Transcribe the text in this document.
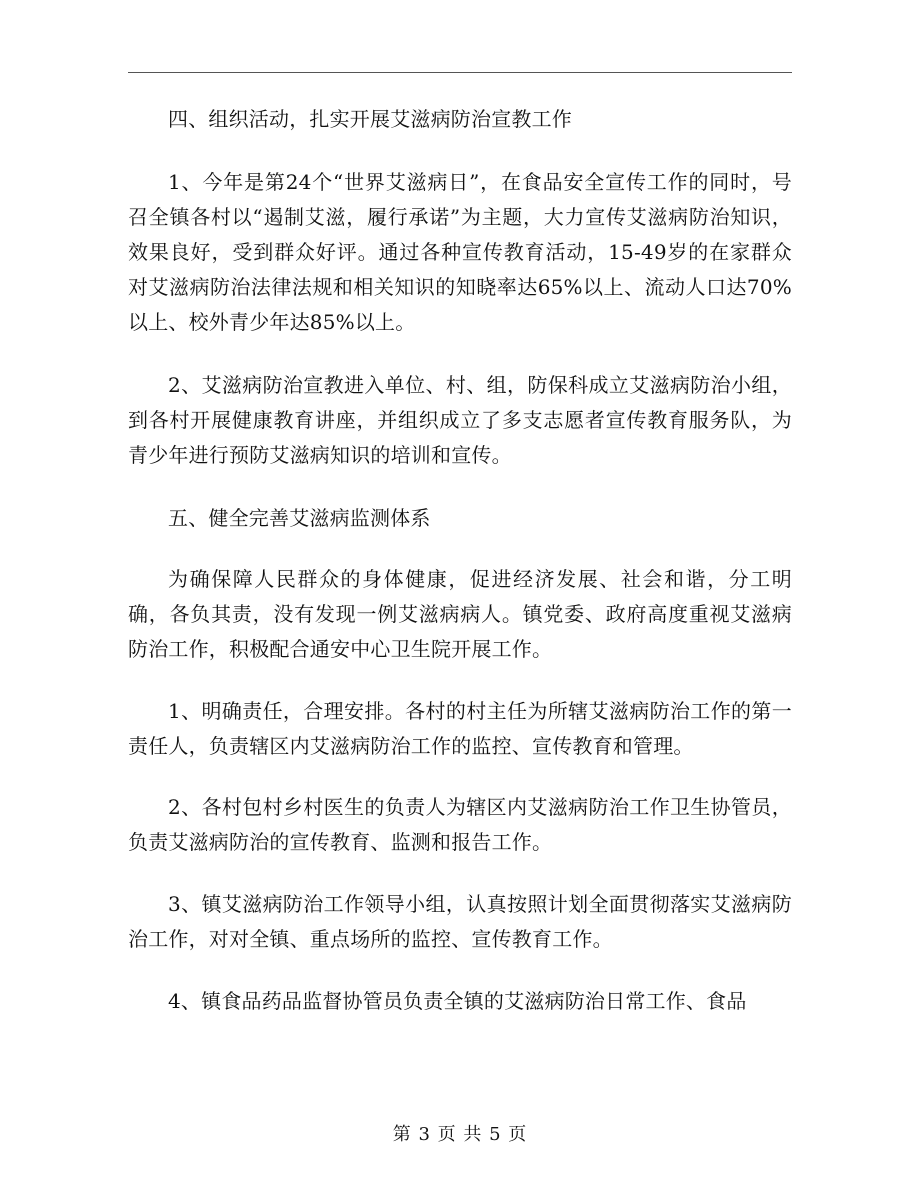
四、组织活动，扎实开展艾滋病防治宣教工作

1、今年是第24个“世界艾滋病日”，在食品安全宣传工作的同时，号召全镇各村以“遏制艾滋，履行承诺”为主题，大力宣传艾滋病防治知识，效果良好，受到群众好评。通过各种宣传教育活动，15-49岁的在家群众对艾滋病防治法律法规和相关知识的知晓率达65%以上、流动人口达70%以上、校外青少年达85%以上。

2、艾滋病防治宣教进入单位、村、组，防保科成立艾滋病防治小组，到各村开展健康教育讲座，并组织成立了多支志愿者宣传教育服务队，为青少年进行预防艾滋病知识的培训和宣传。

五、健全完善艾滋病监测体系

为确保障人民群众的身体健康，促进经济发展、社会和谐，分工明确，各负其责，没有发现一例艾滋病病人。镇党委、政府高度重视艾滋病防治工作，积极配合通安中心卫生院开展工作。

1、明确责任，合理安排。各村的村主任为所辖艾滋病防治工作的第一责任人，负责辖区内艾滋病防治工作的监控、宣传教育和管理。

2、各村包村乡村医生的负责人为辖区内艾滋病防治工作卫生协管员，负责艾滋病防治的宣传教育、监测和报告工作。

3、镇艾滋病防治工作领导小组，认真按照计划全面贯彻落实艾滋病防治工作，对对全镇、重点场所的监控、宣传教育工作。

4、镇食品药品监督协管员负责全镇的艾滋病防治日常工作、食品

第 3 页 共 5 页
